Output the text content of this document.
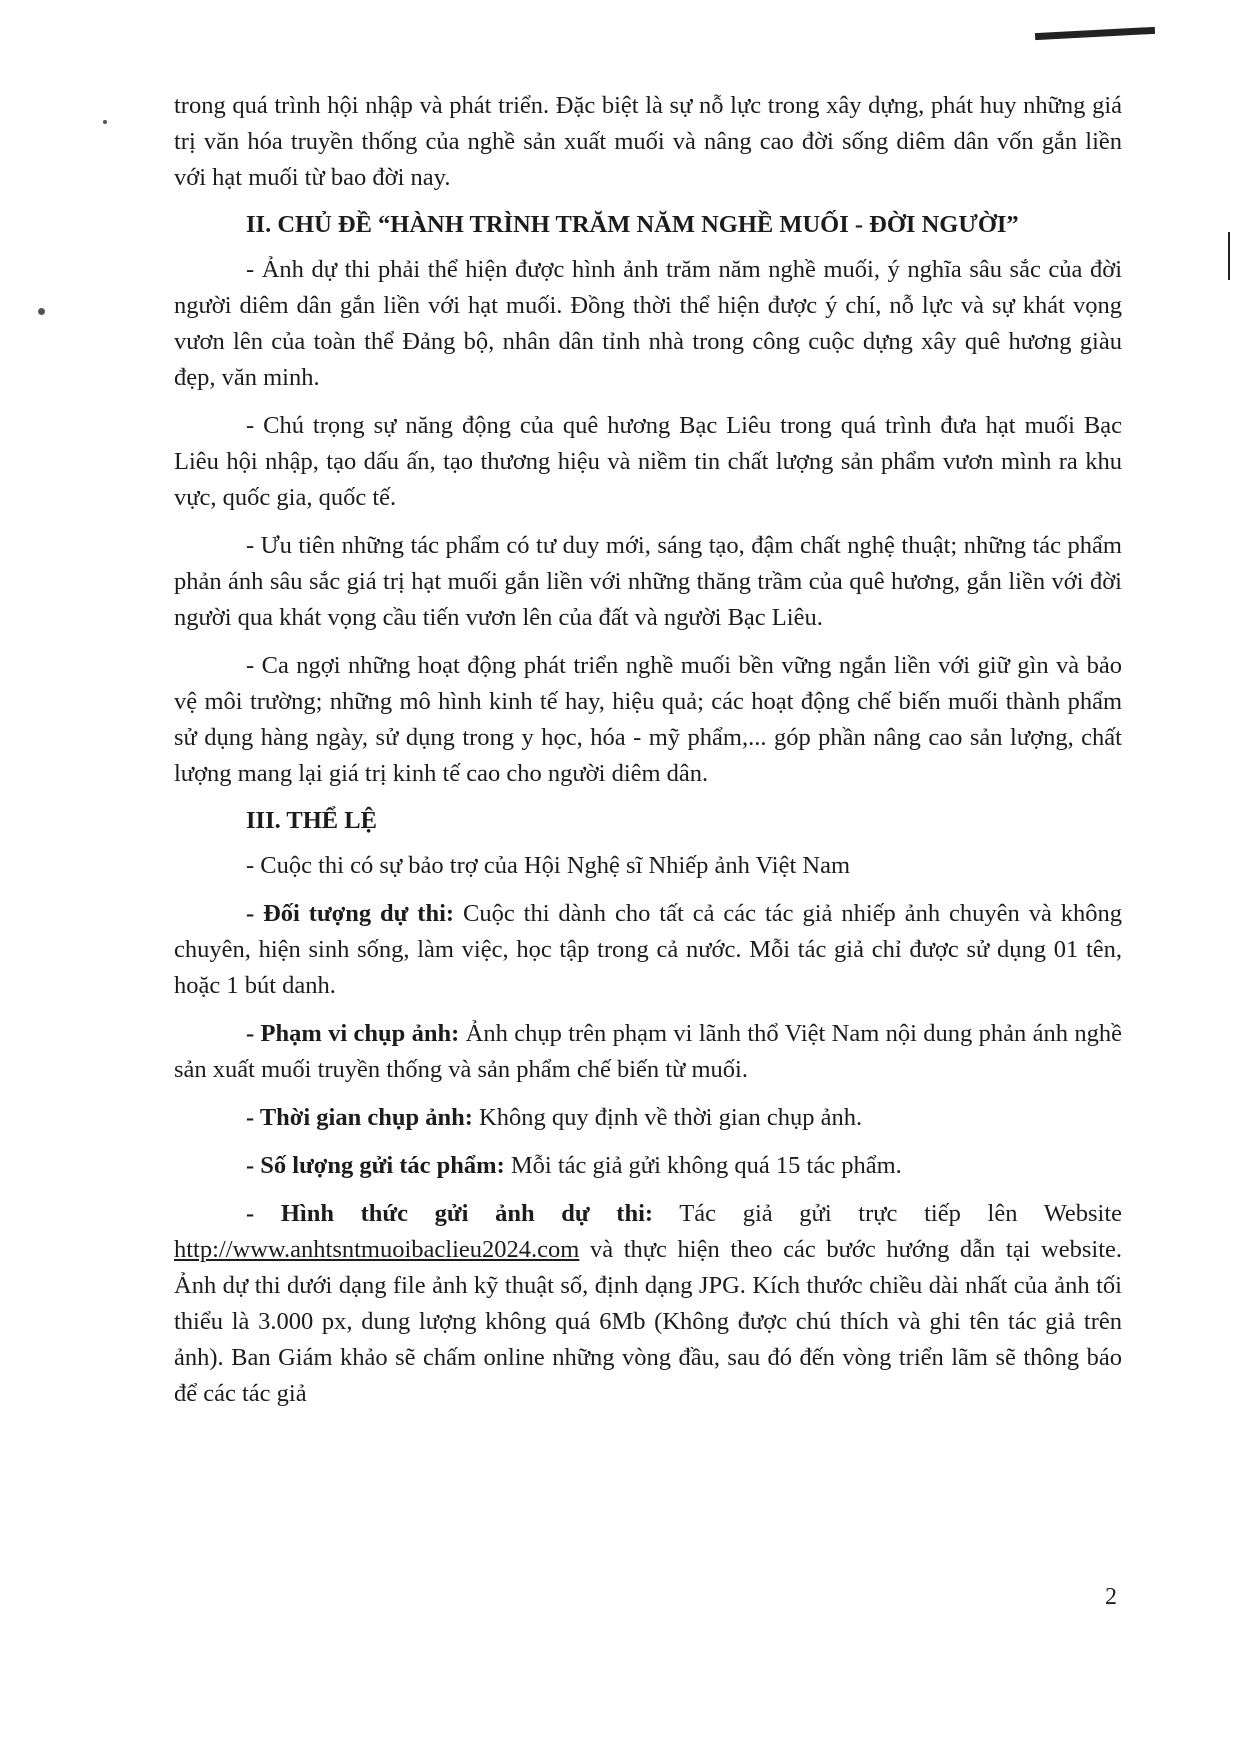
trong quá trình hội nhập và phát triển. Đặc biệt là sự nỗ lực trong xây dựng, phát huy những giá trị văn hóa truyền thống của nghề sản xuất muối và nâng cao đời sống diêm dân vốn gắn liền với hạt muối từ bao đời nay.

II. CHỦ ĐỀ “HÀNH TRÌNH TRĂM NĂM NGHỀ MUỐI - ĐỜI NGƯỜI”

- Ảnh dự thi phải thể hiện được hình ảnh trăm năm nghề muối, ý nghĩa sâu sắc của đời người diêm dân gắn liền với hạt muối. Đồng thời thể hiện được ý chí, nỗ lực và sự khát vọng vươn lên của toàn thể Đảng bộ, nhân dân tỉnh nhà trong công cuộc dựng xây quê hương giàu đẹp, văn minh.

- Chú trọng sự năng động của quê hương Bạc Liêu trong quá trình đưa hạt muối Bạc Liêu hội nhập, tạo dấu ấn, tạo thương hiệu và niềm tin chất lượng sản phẩm vươn mình ra khu vực, quốc gia, quốc tế.

- Ưu tiên những tác phẩm có tư duy mới, sáng tạo, đậm chất nghệ thuật; những tác phẩm phản ánh sâu sắc giá trị hạt muối gắn liền với những thăng trầm của quê hương, gắn liền với đời người qua khát vọng cầu tiến vươn lên của đất và người Bạc Liêu.

- Ca ngợi những hoạt động phát triển nghề muối bền vững ngắn liền với giữ gìn và bảo vệ môi trường; những mô hình kinh tế hay, hiệu quả; các hoạt động chế biến muối thành phẩm sử dụng hàng ngày, sử dụng trong y học, hóa - mỹ phẩm,... góp phần nâng cao sản lượng, chất lượng mang lại giá trị kinh tế cao cho người diêm dân.

III. THỂ LỆ

- Cuộc thi có sự bảo trợ của Hội Nghệ sĩ Nhiếp ảnh Việt Nam

- Đối tượng dự thi: Cuộc thi dành cho tất cả các tác giả nhiếp ảnh chuyên và không chuyên, hiện sinh sống, làm việc, học tập trong cả nước. Mỗi tác giả chỉ được sử dụng 01 tên, hoặc 1 bút danh.

- Phạm vi chụp ảnh: Ảnh chụp trên phạm vi lãnh thổ Việt Nam nội dung phản ánh nghề sản xuất muối truyền thống và sản phẩm chế biến từ muối.

- Thời gian chụp ảnh: Không quy định về thời gian chụp ảnh.

- Số lượng gửi tác phẩm: Mỗi tác giả gửi không quá 15 tác phẩm.

- Hình thức gửi ảnh dự thi: Tác giả gửi trực tiếp lên Website http://www.anhtsntmuoibaclieu2024.com và thực hiện theo các bước hướng dẫn tại website. Ảnh dự thi dưới dạng file ảnh kỹ thuật số, định dạng JPG. Kích thước chiều dài nhất của ảnh tối thiểu là 3.000 px, dung lượng không quá 6Mb (Không được chú thích và ghi tên tác giả trên ảnh). Ban Giám khảo sẽ chấm online những vòng đầu, sau đó đến vòng triển lãm sẽ thông báo để các tác giả

2
